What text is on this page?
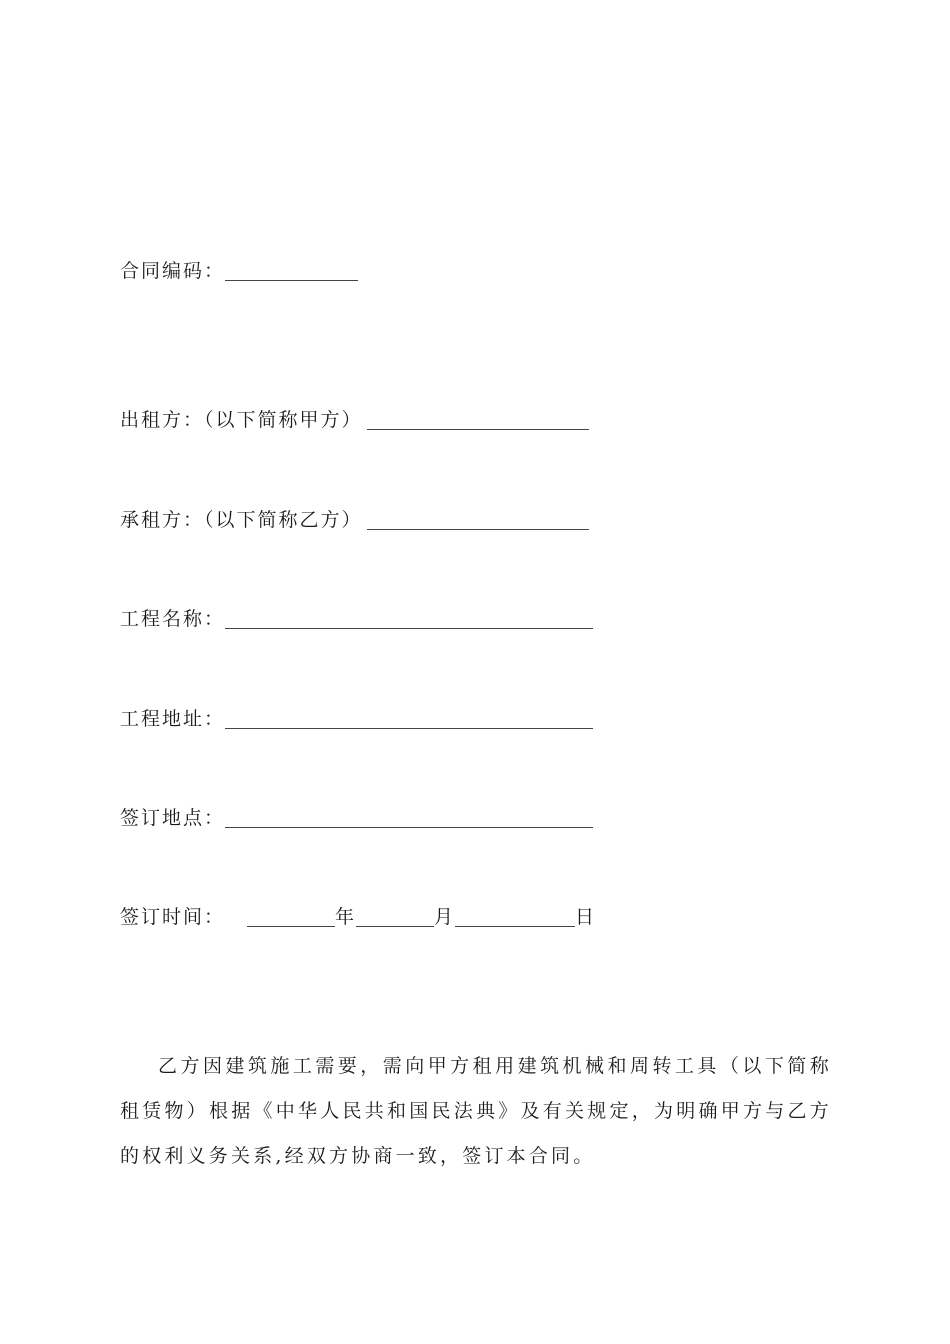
合同编码：
出租方：（以下简称甲方）
承租方：（以下简称乙方）
工程名称：
工程地址：
签订地点：
签订时间：	年	月	日

乙方因建筑施工需要，需向甲方租用建筑机械和周转工具（以下简称租赁物）根据《中华人民共和国民法典》及有关规定，为明确甲方与乙方的权利义务关系,经双方协商一致，签订本合同。
